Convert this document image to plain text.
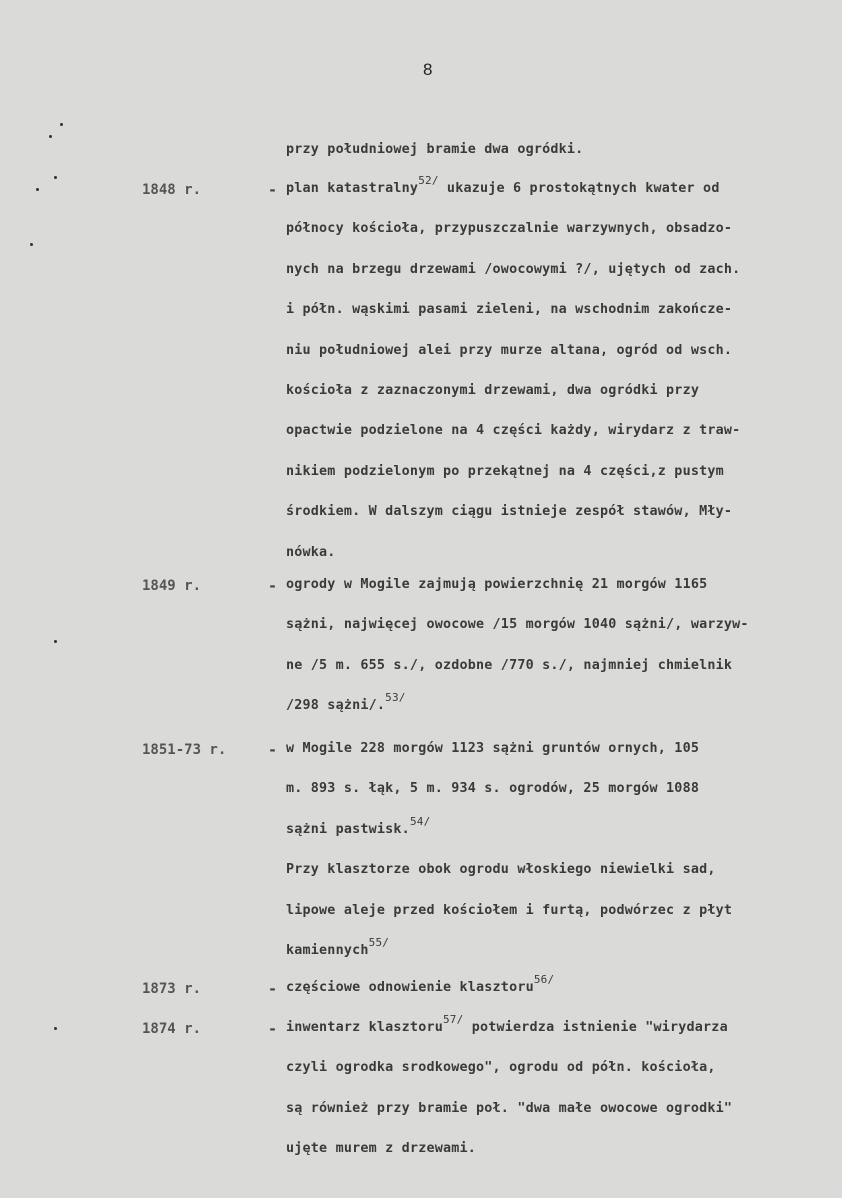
8
przy południowej bramie dwa ogródki.
1848 r.	- plan katastralny$^{52/}$ ukazuje 6 prostokątnych kwater od
północy kościoła, przypuszczalnie warzywnych, obsadzo-
nych na brzegu drzewami /owocowymi ?/, ujętych od zach.
i półn. wąskimi pasami zieleni, na wschodnim zakończe-
niu południowej alei przy murze altana, ogród od wsch.
kościoła z zaznaczonymi drzewami, dwa ogródki przy
opactwie podzielone na 4 części każdy, wirydarz z traw-
nikiem podzielonym po przekątnej na 4 części,z pustym
środkiem. W dalszym ciągu istnieje zespół stawów, Mły-
nówka.
1849 r.	- ogrody w Mogile zajmują powierzchnię 21 morgów 1165
sążni, najwięcej owocowe /15 morgów 1040 sążni/, warzyw-
ne /5 m. 655 s./, ozdobne /770 s./, najmniej chmielnik
/298 sążni/.$^{53/}$
1851-73 r.	- w Mogile 228 morgów 1123 sążni gruntów ornych, 105
m. 893 s. łąk, 5 m. 934 s. ogrodów, 25 morgów 1088
sążni pastwisk.$^{54/}$
Przy klasztorze obok ogrodu włoskiego niewielki sad,
lipowe aleje przed kościołem i furtą, podwórzec z płyt
kamiennych$^{55/}$
1873 r.	- częściowe odnowienie klasztoru$^{56/}$
1874 r.	- inwentarz klasztoru$^{57/}$ potwierdza istnienie "wirydarza
czyli ogrodka srodkowego", ogrodu od półn. kościoła,
są również przy bramie poł. "dwa małe owocowe ogrodki"
ujęte murem z drzewami.
